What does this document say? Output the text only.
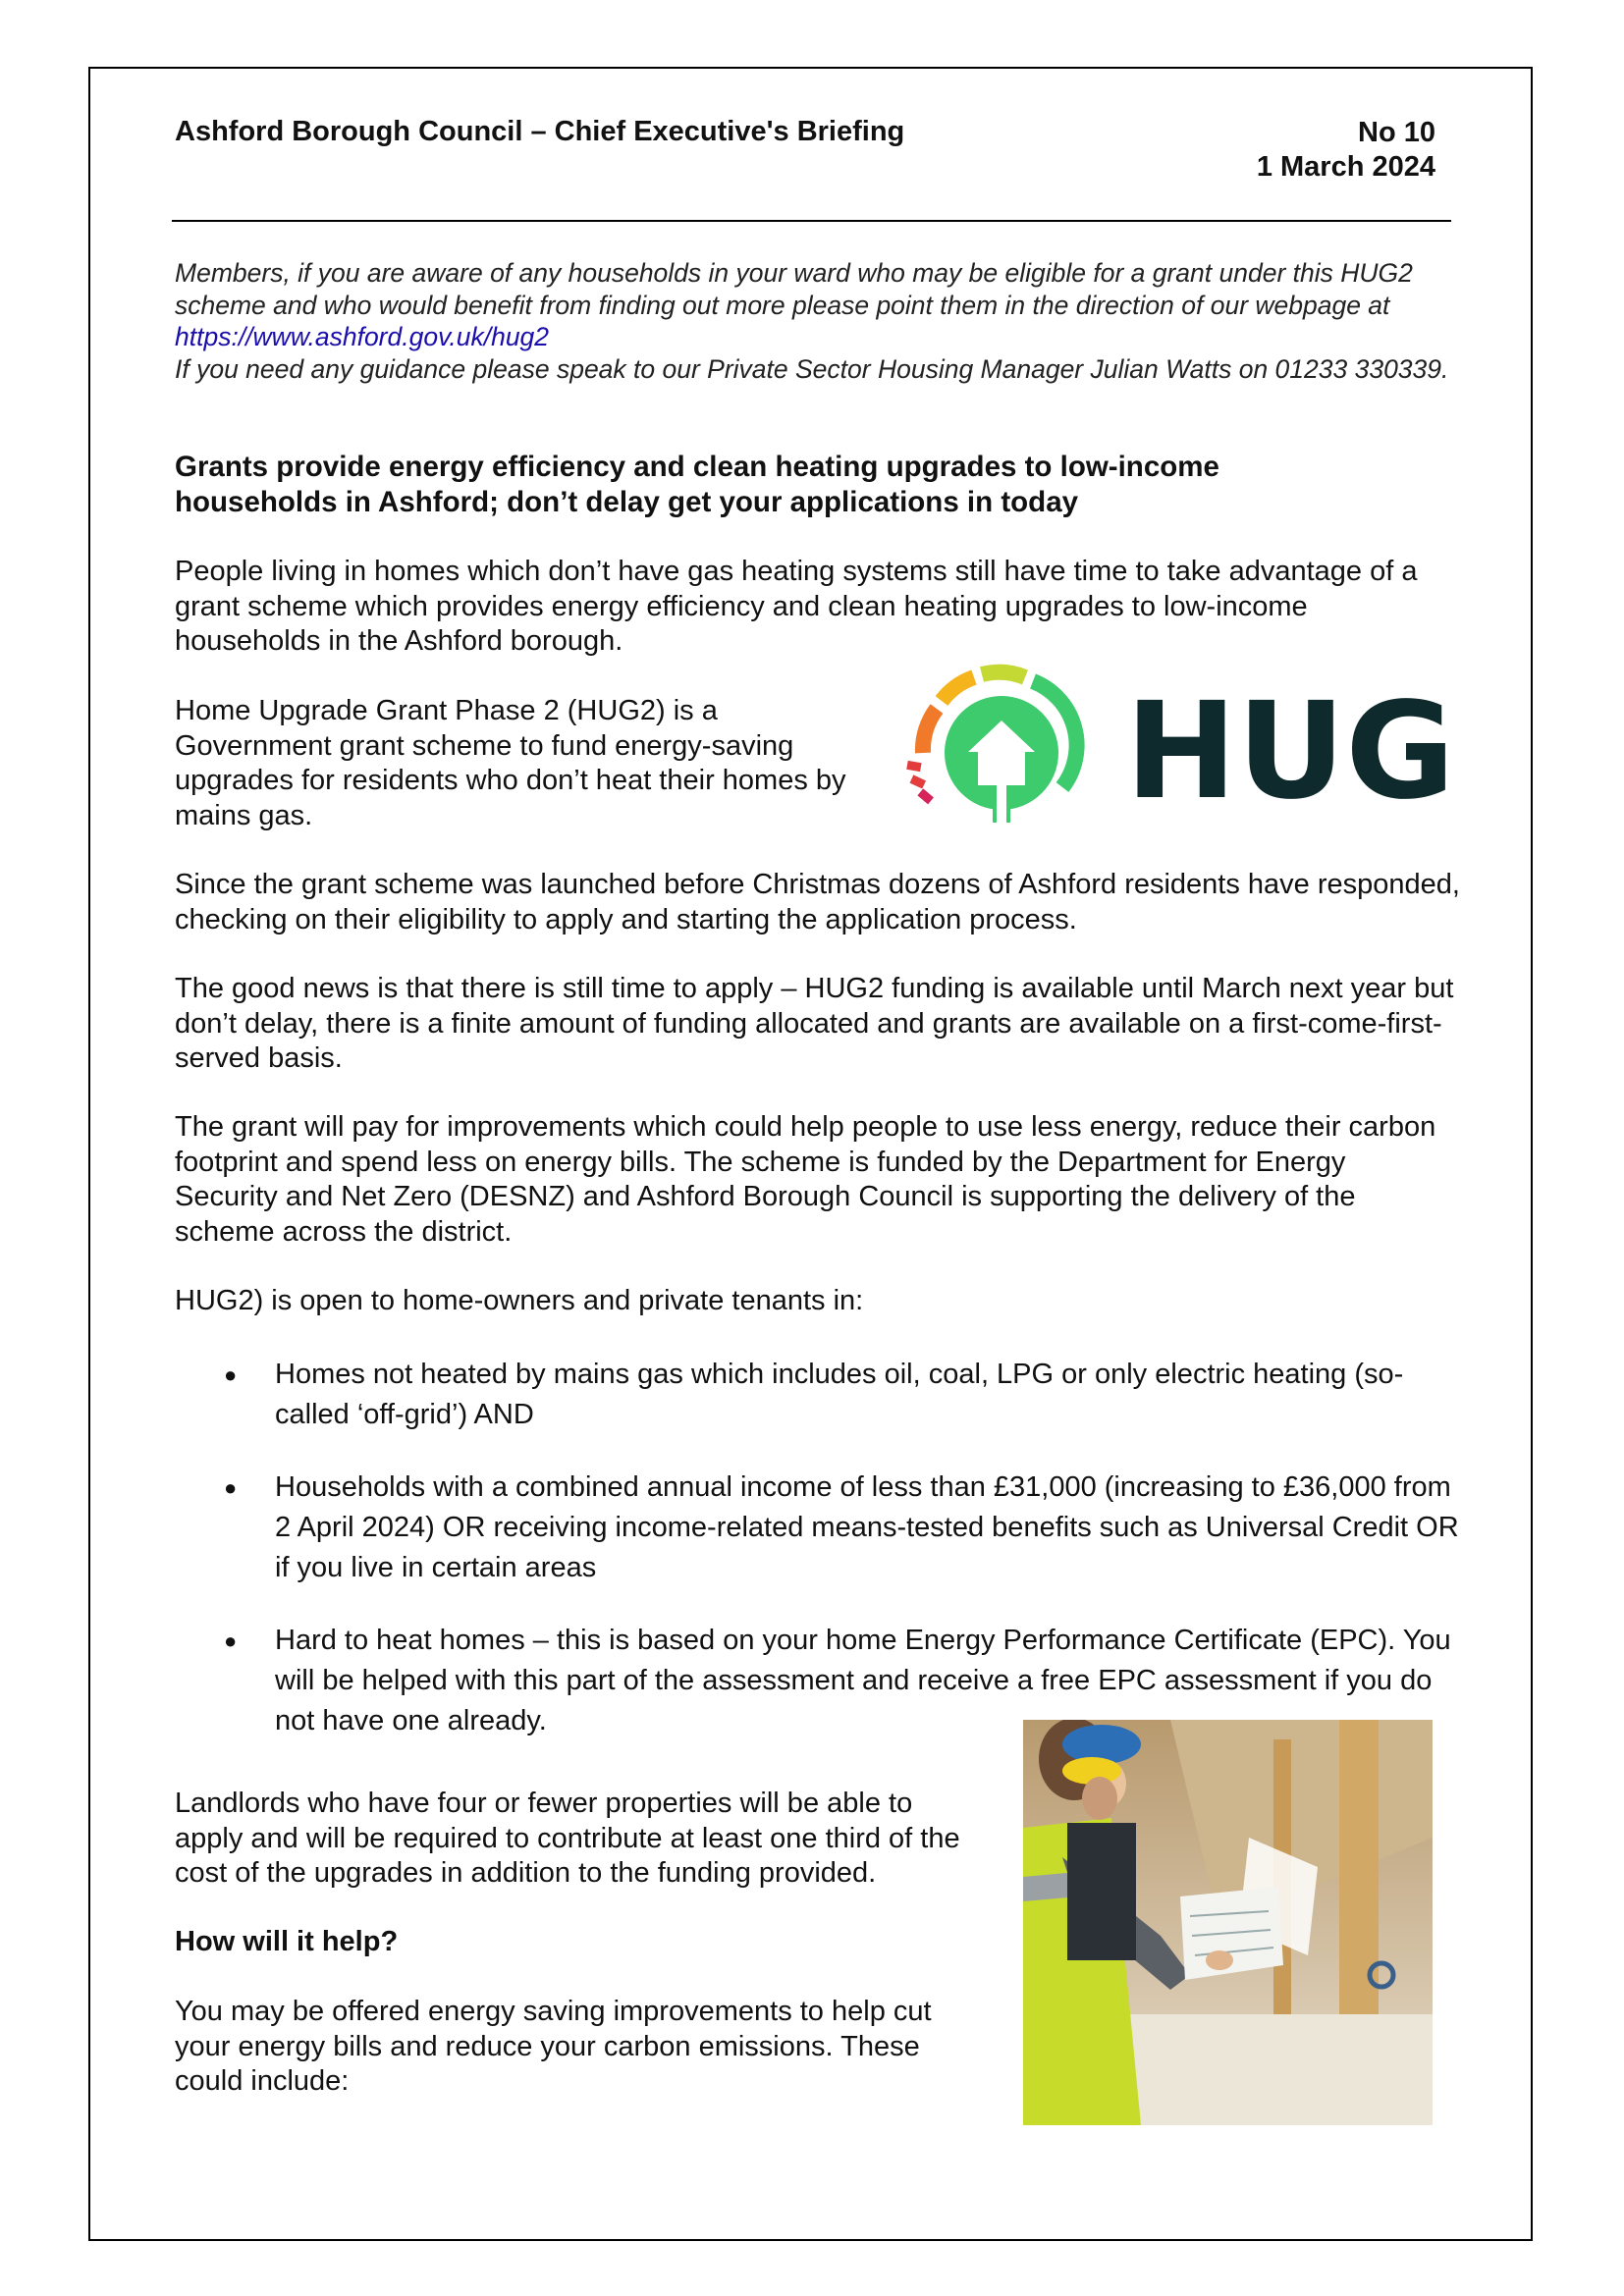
Ashford Borough Council – Chief Executive's Briefing	No 10
1 March 2024
Members, if you are aware of any households in your ward who may be eligible for a grant under this HUG2 scheme and who would benefit from finding out more please point them in the direction of our webpage at https://www.ashford.gov.uk/hug2
If you need any guidance please speak to our Private Sector Housing Manager Julian Watts on 01233 330339.
Grants provide energy efficiency and clean heating upgrades to low-income households in Ashford; don’t delay get your applications in today
People living in homes which don’t have gas heating systems still have time to take advantage of a grant scheme which provides energy efficiency and clean heating upgrades to low-income households in the Ashford borough.
Home Upgrade Grant Phase 2 (HUG2) is a Government grant scheme to fund energy-saving upgrades for residents who don’t heat their homes by mains gas.	HUG
Since the grant scheme was launched before Christmas dozens of Ashford residents have responded, checking on their eligibility to apply and starting the application process.
The good news is that there is still time to apply – HUG2 funding is available until March next year but don’t delay, there is a finite amount of funding allocated and grants are available on a first-come-first-served basis.
The grant will pay for improvements which could help people to use less energy, reduce their carbon footprint and spend less on energy bills. The scheme is funded by the Department for Energy Security and Net Zero (DESNZ) and Ashford Borough Council is supporting the delivery of the scheme across the district.
HUG2) is open to home-owners and private tenants in:
● Homes not heated by mains gas which includes oil, coal, LPG or only electric heating (so-called ‘off-grid’) AND
● Households with a combined annual income of less than £31,000 (increasing to £36,000 from 2 April 2024) OR receiving income-related means-tested benefits such as Universal Credit OR if you live in certain areas
● Hard to heat homes – this is based on your home Energy Performance Certificate (EPC). You will be helped with this part of the assessment and receive a free EPC assessment if you do not have one already.
Landlords who have four or fewer properties will be able to apply and will be required to contribute at least one third of the cost of the upgrades in addition to the funding provided.
How will it help?
You may be offered energy saving improvements to help cut your energy bills and reduce your carbon emissions. These could include:
